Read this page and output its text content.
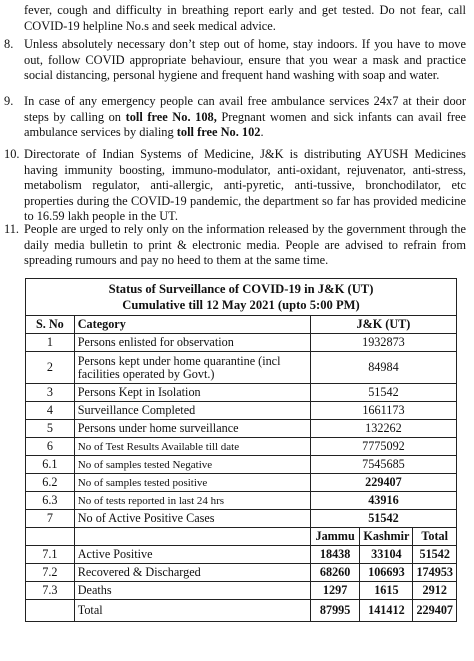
fever, cough and difficulty in breathing report early and get tested. Do not fear, call COVID-19 helpline No.s and seek medical advice.
8. Unless absolutely necessary don’t step out of home, stay indoors. If you have to move out, follow COVID appropriate behaviour, ensure that you wear a mask and practice social distancing, personal hygiene and frequent hand washing with soap and water.
9. In case of any emergency people can avail free ambulance services 24x7 at their door steps by calling on toll free No. 108, Pregnant women and sick infants can avail free ambulance services by dialing toll free No. 102.
10. Directorate of Indian Systems of Medicine, J&K is distributing AYUSH Medicines having immunity boosting, immuno-modulator, anti-oxidant, rejuvenator, anti-stress, metabolism regulator, anti-allergic, anti-pyretic, anti-tussive, bronchodilator, etc properties during the COVID-19 pandemic, the department so far has provided medicine to 16.59 lakh people in the UT.
11. People are urged to rely only on the information released by the government through the daily media bulletin to print & electronic media. People are advised to refrain from spreading rumours and pay no heed to them at the same time.
Status of Surveillance of COVID-19 in J&K (UT)
Cumulative till 12 May 2021 (upto 5:00 PM)				

S. No	Category	J&K (UT)		
1	Persons enlisted for observation	1932873		
2	Persons kept under home quarantine (incl facilities operated by Govt.)	84984		
3	Persons Kept in Isolation	51542		
4	Surveillance Completed	1661173		
5	Persons under home surveillance	132262		
6	No of Test Results Available till date	7775092		
6.1	No of samples tested Negative	7545685		
6.2	No of samples tested positive	229407		
6.3	No of tests reported in last 24 hrs	43916		
7	No of Active Positive Cases	51542		
		Jammu	Kashmir	Total
7.1	Active Positive	18438	33104	51542
7.2	Recovered & Discharged	68260	106693	174953
7.3	Deaths	1297	1615	2912
	Total	87995	141412	229407
